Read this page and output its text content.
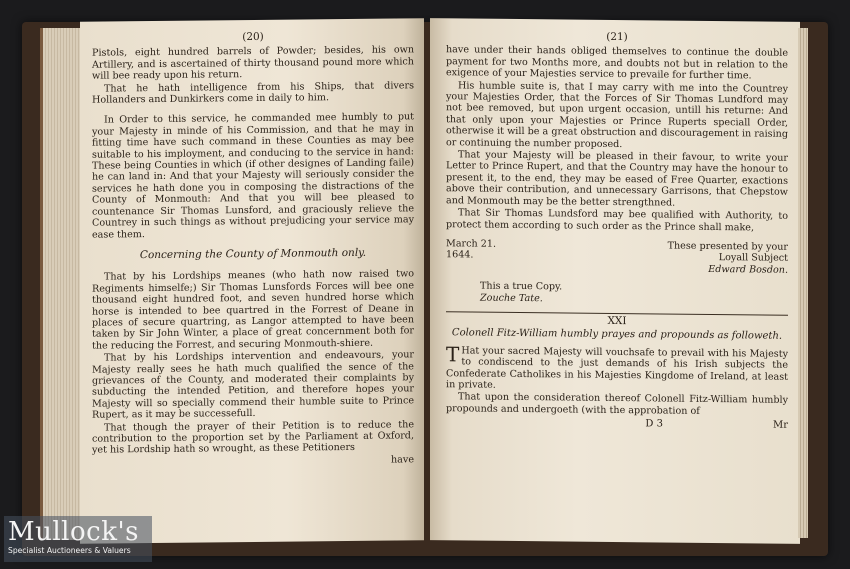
(20)

Pistols, eight hundred barrels of Powder; besides, his own Artillery, and is ascertained of thirty thousand pound more which will bee ready upon his return.

That he hath intelligence from his Ships, that divers Hollanders and Dunkirkers come in daily to him.

In Order to this service, he commanded mee humbly to put your Majesty in minde of his Commission, and that he may in fitting time have such command in these Counties as may bee suitable to his imployment, and conducing to the service in hand: These being Counties in which (if other designes of Landing faile) he can land in: And that your Majesty will seriously consider the services he hath done you in composing the distractions of the County of Monmouth: And that you will bee pleased to countenance Sir Thomas Lunsford, and graciously relieve the Countrey in such things as without prejudicing your service may ease them.

Concerning the County of Monmouth only.

That by his Lordships meanes (who hath now raised two Regiments himselfe;) Sir Thomas Lunsfords Forces will bee one thousand eight hundred foot, and seven hundred horse which horse is intended to bee quartred in the Forrest of Deane in places of secure quartring, as Langor attempted to have been taken by Sir John Winter, a place of great concernment both for the reducing the Forrest, and securing Monmouth-shiere.

That by his Lordships intervention and endeavours, your Majesty really sees he hath much qualified the sence of the grievances of the County, and moderated their complaints by subducting the intended Petition, and therefore hopes your Majesty will so specially commend their humble suite to Prince Rupert, as it may be successefull.

That though the prayer of their Petition is to reduce the contribution to the proportion set by the Parliament at Oxford, yet his Lordship hath so wrought, as these Petitioners

have
(21)

have under their hands obliged themselves to continue the double payment for two Months more, and doubts not but in relation to the exigence of your Majesties service to prevaile for further time.

His humble suite is, that I may carry with me into the Countrey your Majesties Order, that the Forces of Sir Thomas Lundford may not bee removed, but upon urgent occasion, untill his returne: And that only upon your Majesties or Prince Ruperts speciall Order, otherwise it will be a great obstruction and discouragement in raising or continuing the number proposed.

That your Majesty will be pleased in their favour, to write your Letter to Prince Rupert, and that the Country may have the honour to present it, to the end, they may be eased of Free Quarter, exactions above their contribution, and unnecessary Garrisons, that Chepstow and Monmouth may be the better strengthned.

That Sir Thomas Lundsford may bee qualified with Authority, to protect them according to such order as the Prince shall make,

March 21. 1644.
These presented by your
Loyall Subject
Edward Bosdon.
This a true Copy.
Zouche Tate.
XXI
Colonell Fitz-William humbly prayes and propounds as followeth.

T Hat your sacred Majesty will vouchsafe to prevail with his Majesty to condiscend to the just demands of his Irish subjects the Confederate Catholikes in his Majesties Kingdome of Ireland, at least in private.

That upon the consideration thereof Colonell Fitz-William humbly propounds and undergoeth (with the approbation of

D 3	Mr
Mullock's
Specialist Auctioneers & Valuers
